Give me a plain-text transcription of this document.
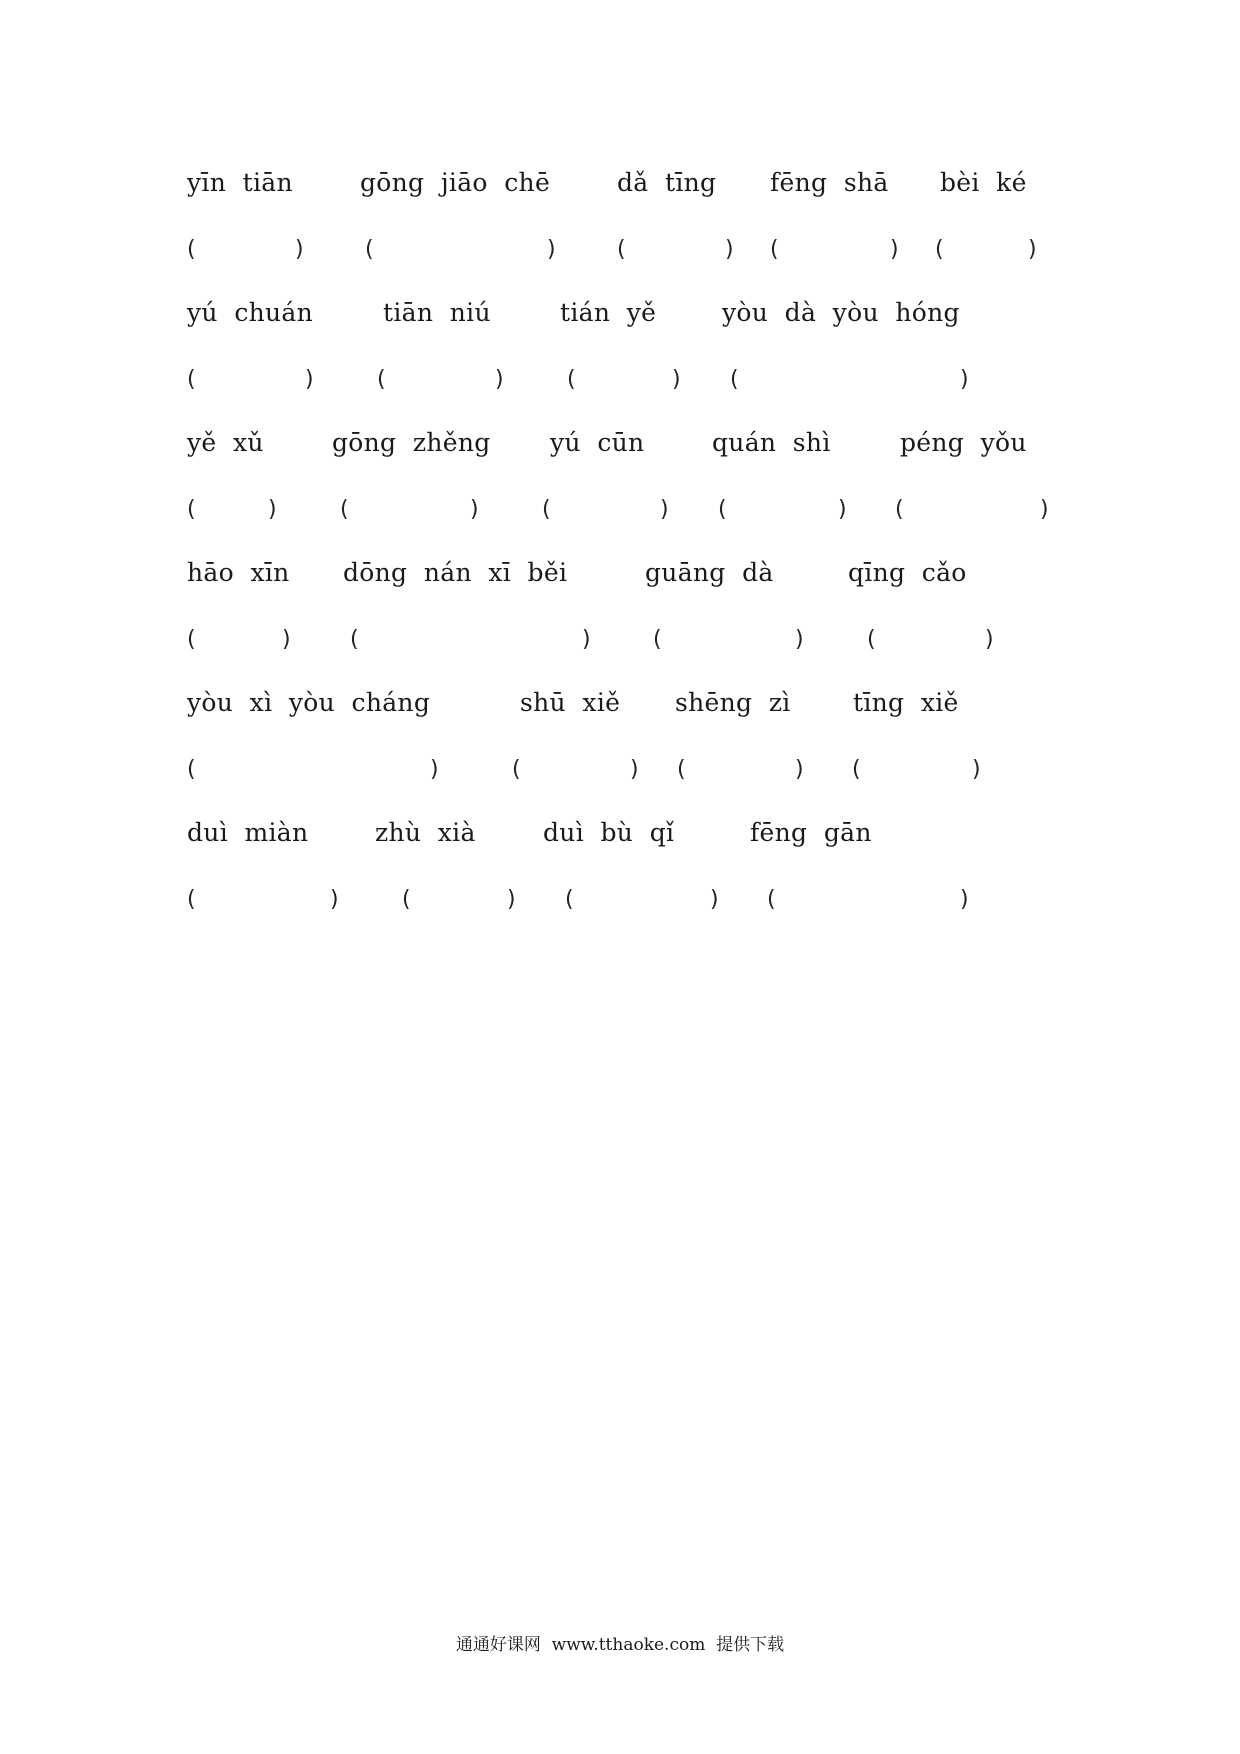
yīn  tiān	gōng  jiāo  chē	dǎ  tīng fēng  shā bèi  ké
(	)	(	)	(	) (	) (	)
yú  chuán	tiān  niú	tián  yě	yòu  dà  yòu  hóng
(	)	(	)	(	) (	)
yě  xǔ	gōng  zhěng yú  cūn	quán  shì	péng  yǒu
(	)	(	)	(	) (	) (	)
hāo  xīn dōng  nán  xī  běi	guāng  dà	qīng  cǎo
(	)	(	)	(	)	(	)
yòu  xì  yòu  cháng	shū  xiě shēng  zì tīng  xiě
(	)	(	) (	) (	)
duì  miàn	zhù  xià	duì  bù  qǐ	fēng  gān
(	)	(	) (	) (	)
通通好课网  www.tthaoke.com  提供下载
